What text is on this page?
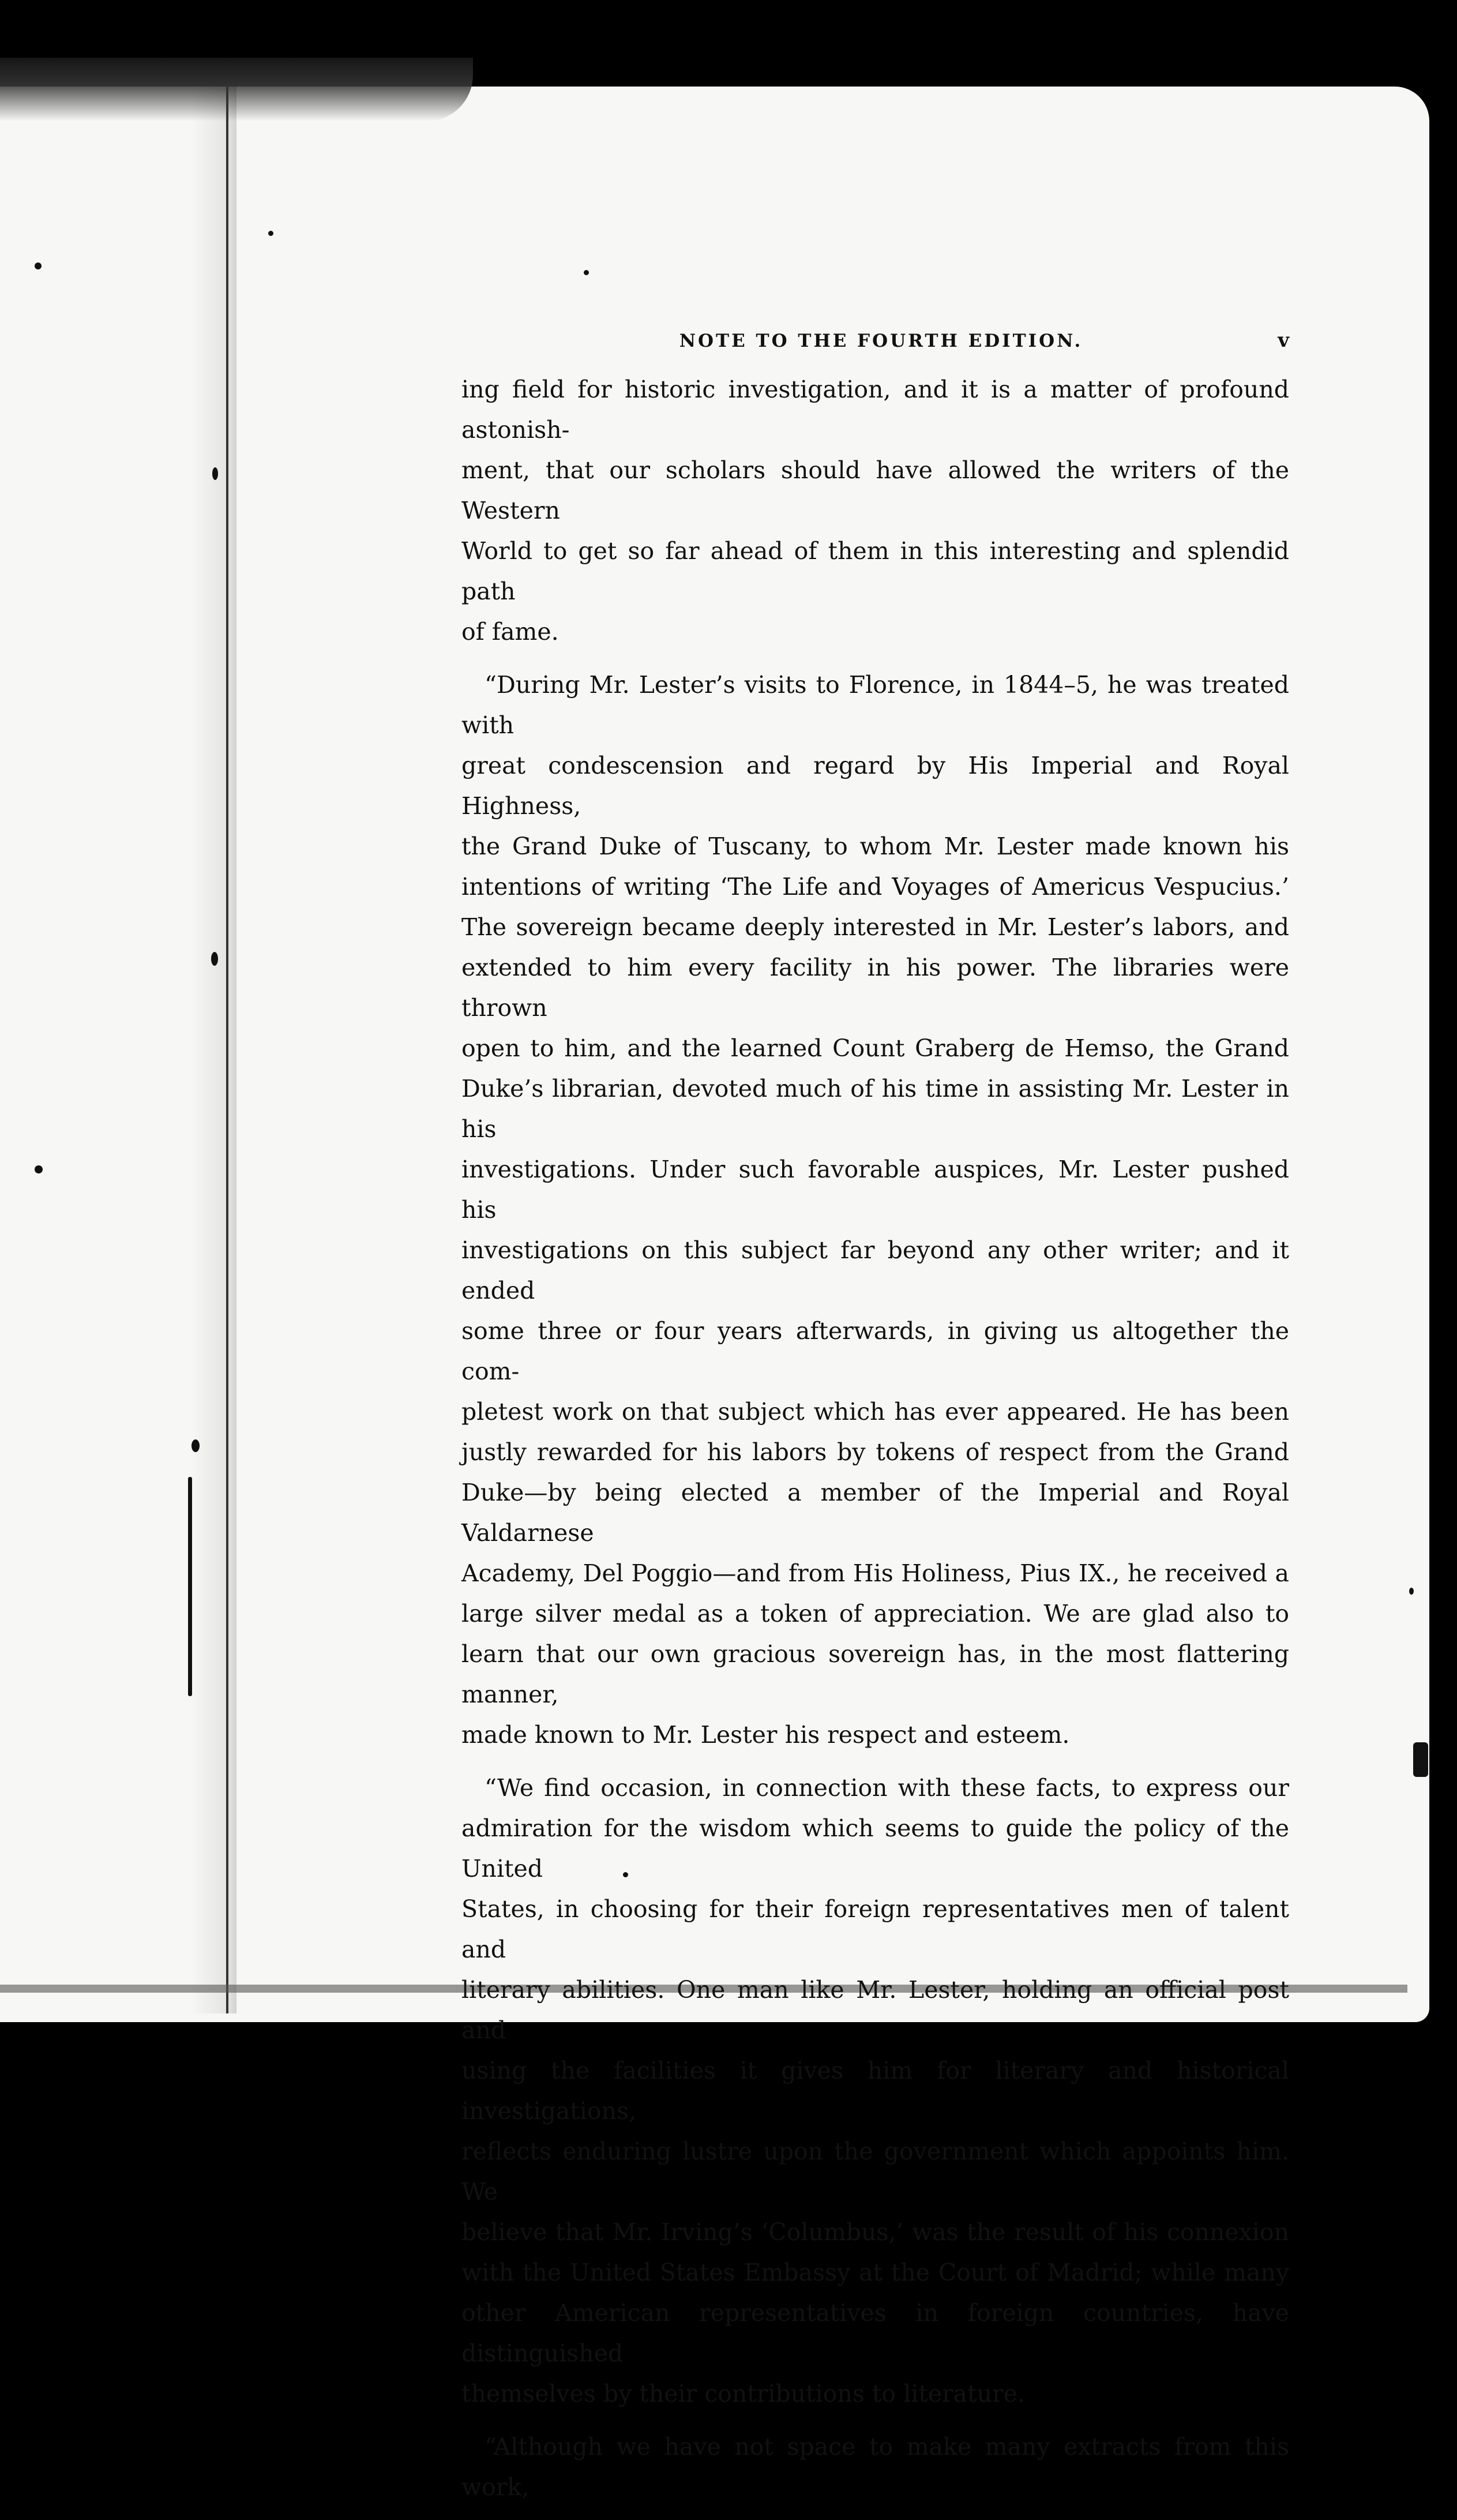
NOTE TO THE FOURTH EDITION.	v

ing field for historic investigation, and it is a matter of profound astonish-

ment, that our scholars should have allowed the writers of the Western

World to get so far ahead of them in this interesting and splendid path

of fame.

“During Mr. Lester’s visits to Florence, in 1844–5, he was treated with

great condescension and regard by His Imperial and Royal Highness,

the Grand Duke of Tuscany, to whom Mr. Lester made known his

intentions of writing ‘The Life and Voyages of Americus Vespucius.’

The sovereign became deeply interested in Mr. Lester’s labors, and

extended to him every facility in his power. The libraries were thrown

open to him, and the learned Count Graberg de Hemso, the Grand

Duke’s librarian, devoted much of his time in assisting Mr. Lester in his

investigations. Under such favorable auspices, Mr. Lester pushed his

investigations on this subject far beyond any other writer; and it ended

some three or four years afterwards, in giving us altogether the com-

pletest work on that subject which has ever appeared. He has been

justly rewarded for his labors by tokens of respect from the Grand

Duke—by being elected a member of the Imperial and Royal Valdarnese

Academy, Del Poggio—and from His Holiness, Pius IX., he received a

large silver medal as a token of appreciation. We are glad also to

learn that our own gracious sovereign has, in the most flattering manner,

made known to Mr. Lester his respect and esteem.

“We find occasion, in connection with these facts, to express our

admiration for the wisdom which seems to guide the policy of the United

States, in choosing for their foreign representatives men of talent and

literary abilities. One man like Mr. Lester, holding an official post and

using the facilities it gives him for literary and historical investigations,

reflects enduring lustre upon the government which appoints him. We

believe that Mr. Irving’s ‘Columbus,’ was the result of his connexion

with the United States Embassy at the Court of Madrid; while many

other American representatives in foreign countries, have distinguished

themselves by their contributions to literature.

“Although we have not space to make many extracts from this work,
